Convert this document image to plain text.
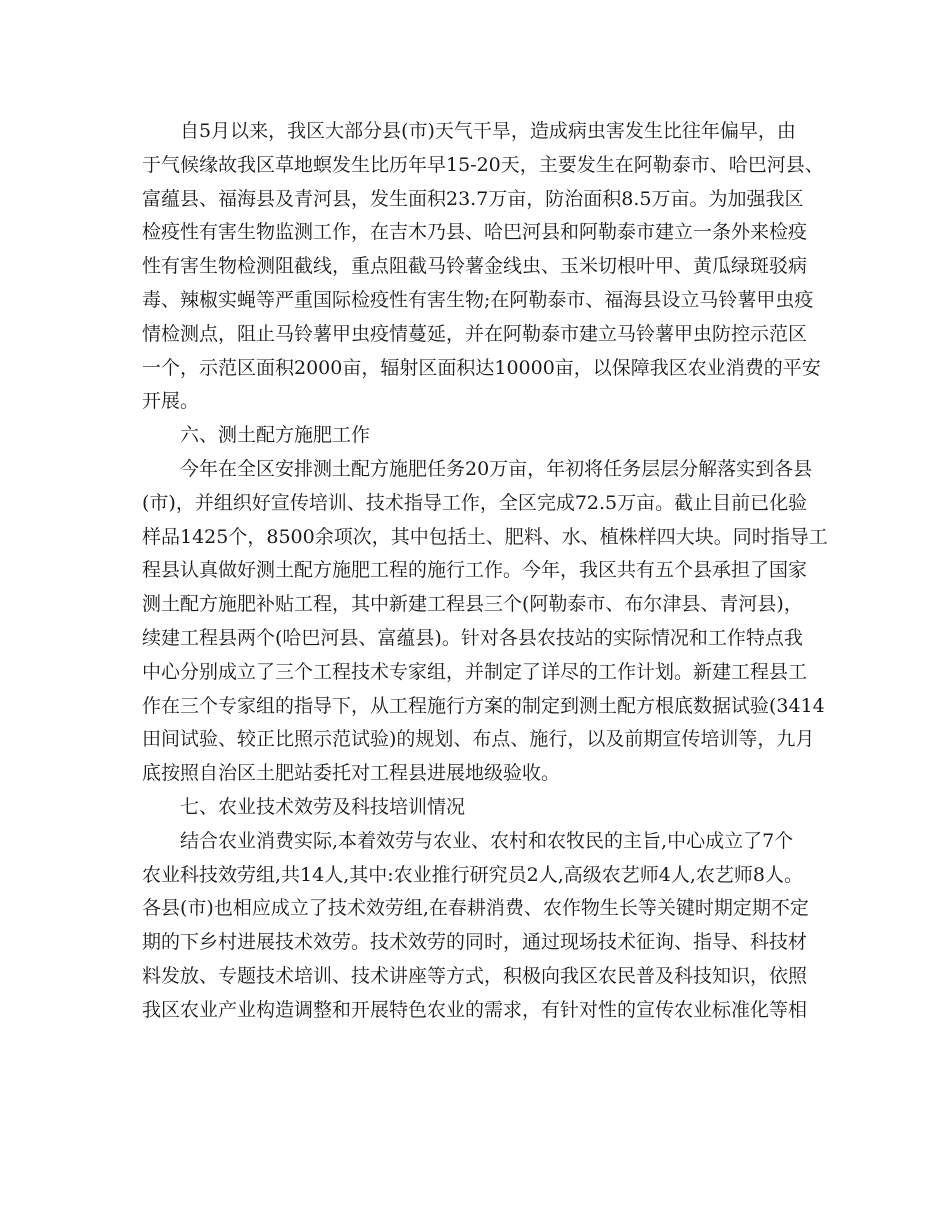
自5月以来，我区大部分县(市)天气干旱，造成病虫害发生比往年偏早，由
于气候缘故我区草地螟发生比历年早15-20天，主要发生在阿勒泰市、哈巴河县、
富蕴县、福海县及青河县，发生面积23.7万亩，防治面积8.5万亩。为加强我区
检疫性有害生物监测工作，在吉木乃县、哈巴河县和阿勒泰市建立一条外来检疫
性有害生物检测阻截线，重点阻截马铃薯金线虫、玉米切根叶甲、黄瓜绿斑驳病
毒、辣椒实蝇等严重国际检疫性有害生物;在阿勒泰市、福海县设立马铃薯甲虫疫
情检测点，阻止马铃薯甲虫疫情蔓延，并在阿勒泰市建立马铃薯甲虫防控示范区
一个，示范区面积2000亩，辐射区面积达10000亩，以保障我区农业消费的平安
开展。
六、测土配方施肥工作
今年在全区安排测土配方施肥任务20万亩，年初将任务层层分解落实到各县
(市)，并组织好宣传培训、技术指导工作，全区完成72.5万亩。截止目前已化验
样品1425个，8500余项次，其中包括土、肥料、水、植株样四大块。同时指导工
程县认真做好测土配方施肥工程的施行工作。今年，我区共有五个县承担了国家
测土配方施肥补贴工程，其中新建工程县三个(阿勒泰市、布尔津县、青河县)，
续建工程县两个(哈巴河县、富蕴县)。针对各县农技站的实际情况和工作特点我
中心分别成立了三个工程技术专家组，并制定了详尽的工作计划。新建工程县工
作在三个专家组的指导下，从工程施行方案的制定到测土配方根底数据试验(3414
田间试验、较正比照示范试验)的规划、布点、施行，以及前期宣传培训等，九月
底按照自治区土肥站委托对工程县进展地级验收。
七、农业技术效劳及科技培训情况
结合农业消费实际,本着效劳与农业、农村和农牧民的主旨,中心成立了7个
农业科技效劳组,共14人,其中:农业推行研究员2人,高级农艺师4人,农艺师8人。
各县(市)也相应成立了技术效劳组,在春耕消费、农作物生长等关键时期定期不定
期的下乡村进展技术效劳。技术效劳的同时，通过现场技术征询、指导、科技材
料发放、专题技术培训、技术讲座等方式，积极向我区农民普及科技知识，依照
我区农业产业构造调整和开展特色农业的需求，有针对性的宣传农业标准化等相
